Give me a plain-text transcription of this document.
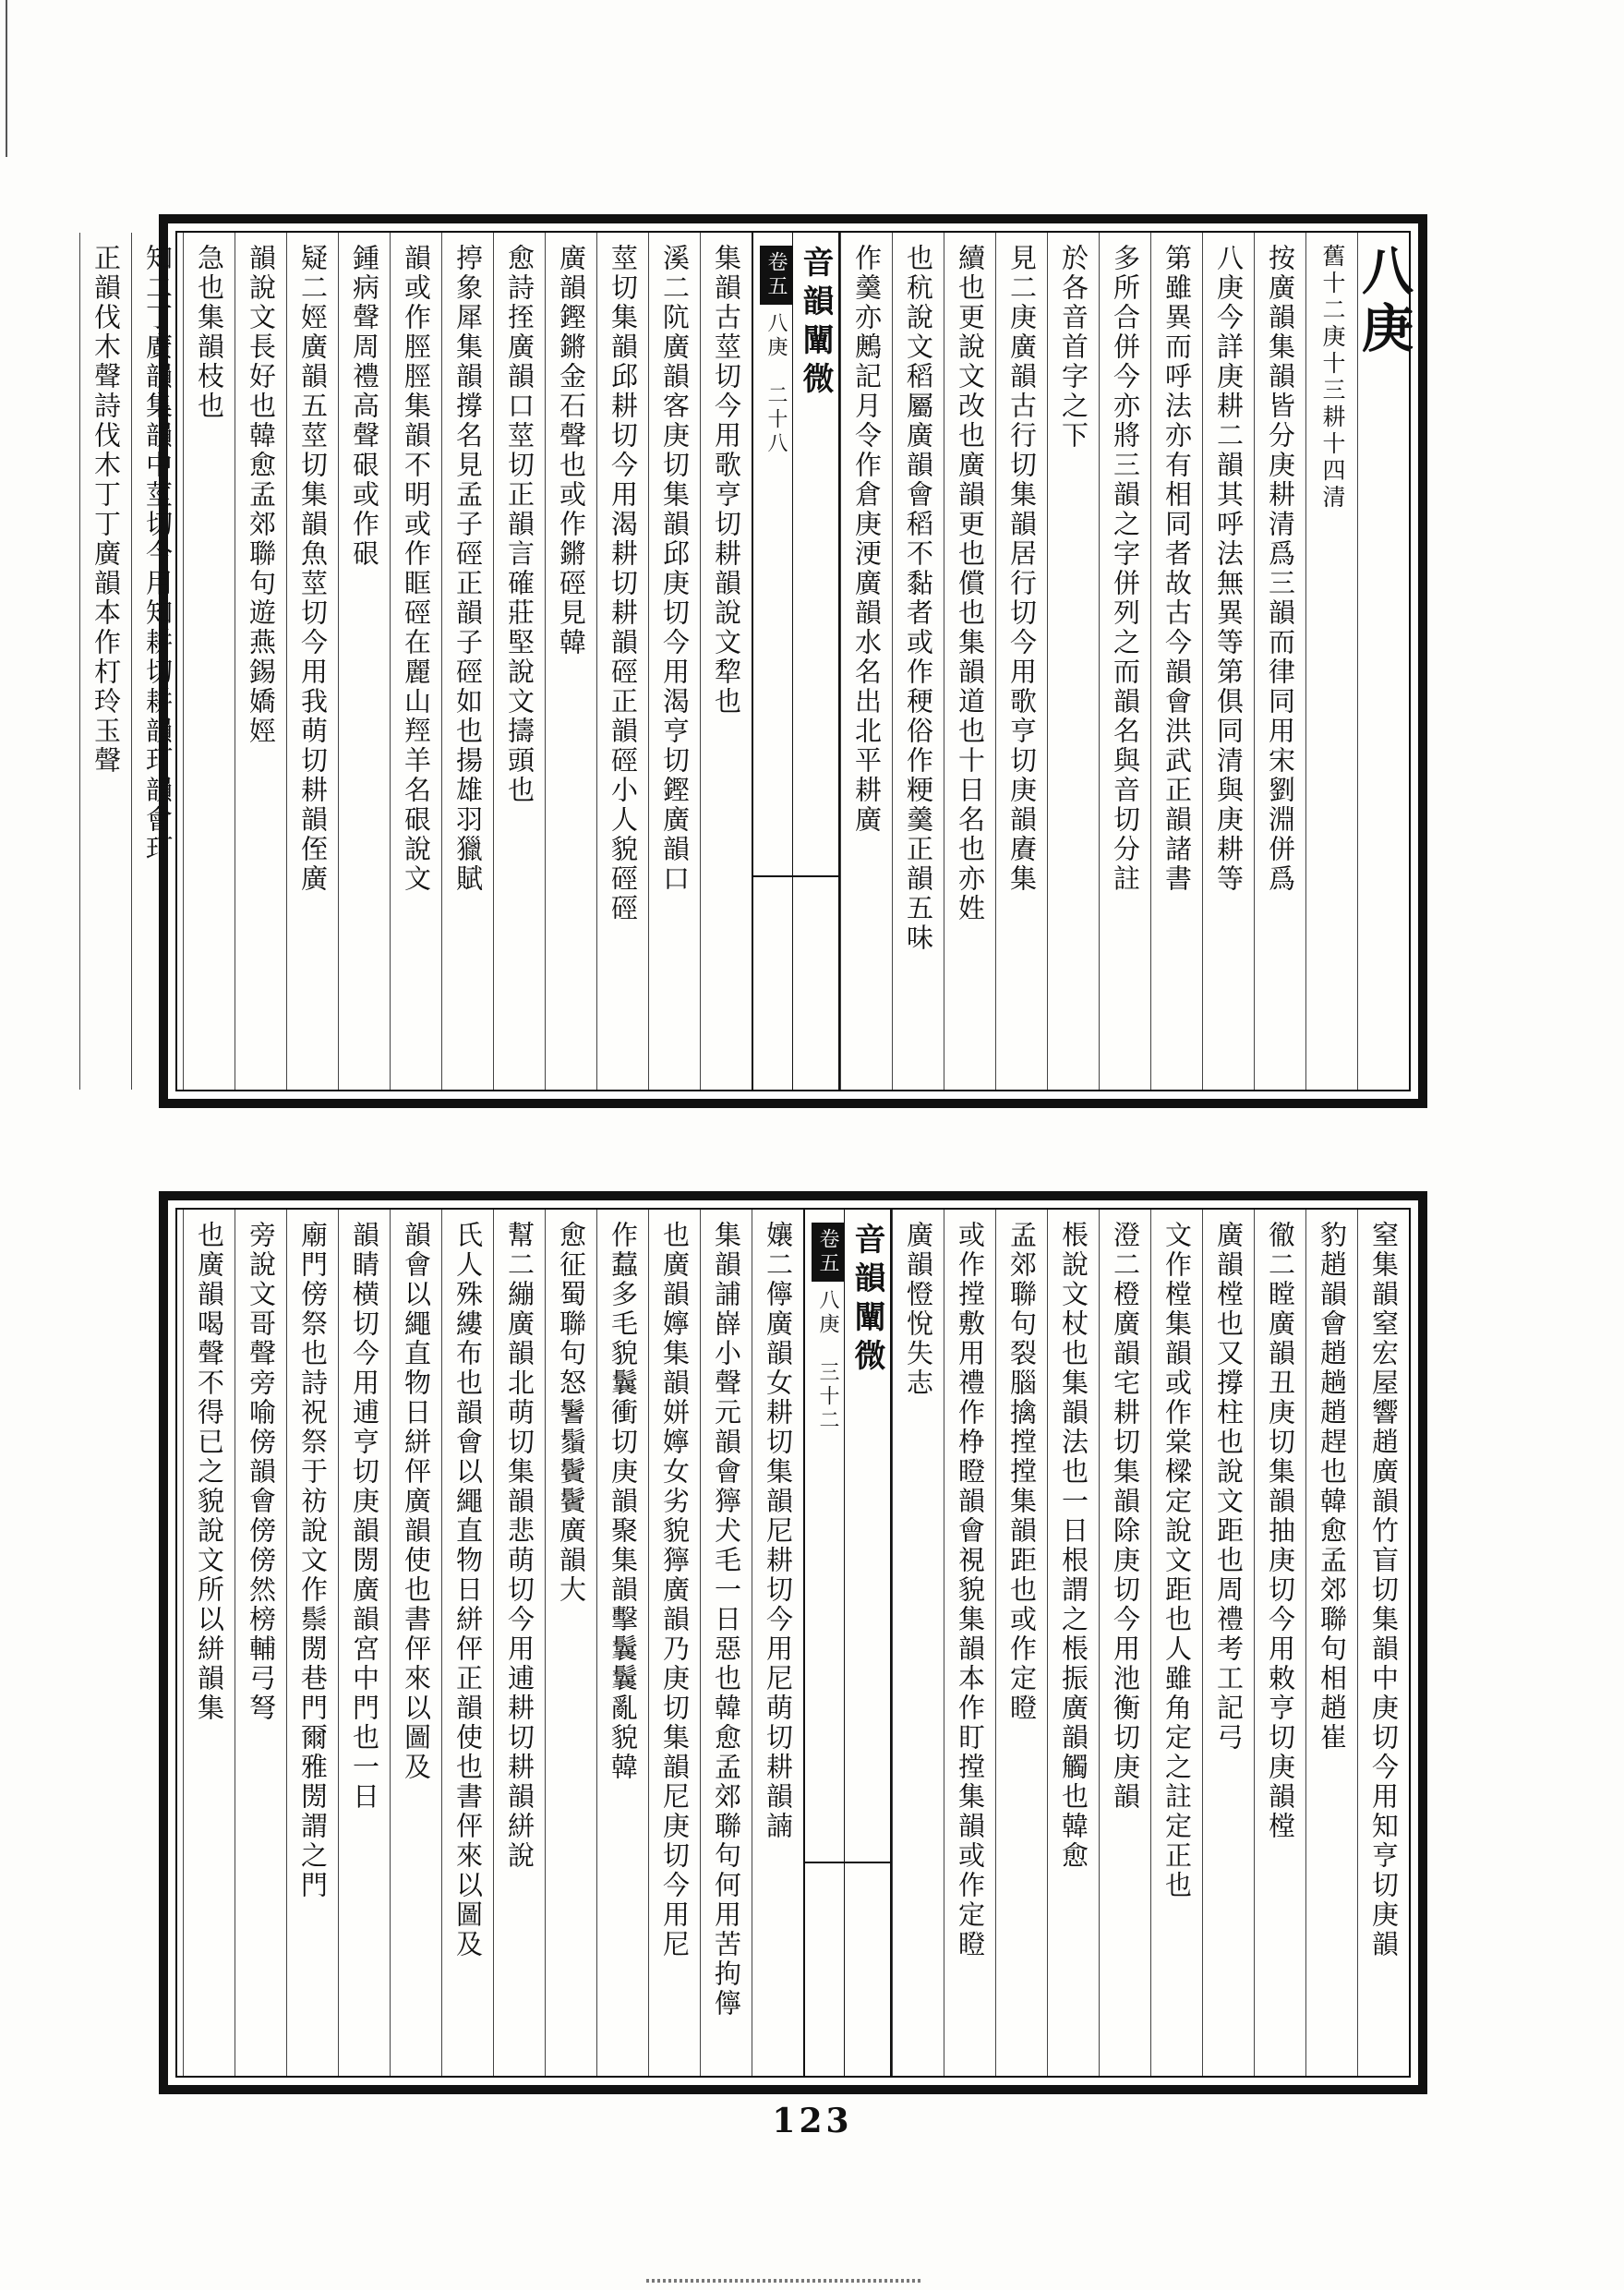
八庚
舊十二庚十三耕十四清
按廣韻集韻皆分庚耕清爲三韻而律同用宋劉淵併爲
八庚今詳庚耕二韻其呼法無異等第俱同清與庚耕等
第雖異而呼法亦有相同者故古今韻會洪武正韻諸書
多所合併今亦將三韻之字併列之而韻名與音切分註
於各音首字之下
見二庚廣韻古行切集韻居行切今用歌亨切庚韻賡集
續也更說文改也廣韻更也償也集韻道也十日名也亦姓
也秔說文稻屬廣韻會稻不黏者或作稉俗作粳羹正韻五味
作羹亦鶊記月令作倉庚浭廣韻水名出北平耕廣
音韻闡微
卷五八庚　二十八
集韻古莖切今用歌亨切耕韻說文犂也
溪二阬廣韻客庚切集韻邱庚切今用渴亨切鏗廣韻口
莖切集韻邱耕切今用渴耕切耕韻硜正韻硜小人貌硜硜
廣韻鏗鏘金石聲也或作鏘硜見韓
愈詩挃廣韻口莖切正韻言確莊堅說文擣頭也
揨象犀集韻撐名見孟子硜正韻子硜如也揚雄羽獵賦
韻或作脛脛集韻不明或作眶硜在麗山羥羊名硍說文
鍾病聲周禮高聲硍或作硍
疑二娙廣韻五莖切集韻魚莖切今用我萌切耕韻侄廣
韻說文長好也韓愈孟郊聯句遊燕錫嬌娙
急也集韻枝也
知二丁廣韻集韻中莖切今用知耕切耕韻玎韻會玎
正韻伐木聲詩伐木丁丁廣韻本作朾玲玉聲
窒集韻窒宏屋響趙廣韻竹盲切集韻中庚切今用知亨切庚韻
豹趙韻會趙趟趙趕也韓愈孟郊聯句相趙崔
徹二瞠廣韻丑庚切集韻抽庚切今用敕亨切庚韻樘
廣韻樘也又撐柱也說文距也周禮考工記弓
文作樘集韻或作棠樑定說文距也人雖角定之註定正也
澄二橙廣韻宅耕切集韻除庚切今用池衡切庚韻
棖說文杖也集韻法也一日根謂之棖振廣韻觸也韓愈
孟郊聯句裂腦擒摚摚集韻距也或作定瞪
或作摚敷用禮作棦瞪韻會視貌集韻本作盯摚集韻或作定瞪
廣韻憕悅失志
音韻闡微
卷五八庚　三十二
孃二儜廣韻女耕切集韻尼耕切今用尼萌切耕韻諵
集韻誧嶭小聲元韻會獰犬毛一日惡也韓愈孟郊聯句何用苦拘儜
也廣韻嬣集韻姘嬣女劣貌獰廣韻乃庚切集韻尼庚切今用尼
作蠚多毛貌鬤衝切庚韻聚集韻擊鬤鬤亂貌韓
愈征蜀聯句怒鬐鬚鬢鬢廣韻大
幫二繃廣韻北萌切集韻悲萌切今用逋耕切耕韻絣說
氏人殊縷布也韻會以繩直物日絣伻正韻使也書伻來以圖及
韻會以繩直物日絣伻廣韻使也書伻來以圖及
韻睛横切今用逋亨切庚韻閍廣韻宮中門也一日
廟門傍祭也詩祝祭于祊說文作鬃閍巷門爾雅閍謂之門
旁說文哥聲旁喻傍韻會傍傍然榜輔弓弩
也廣韻喝聲不得已之貌說文所以絣韻集
123
